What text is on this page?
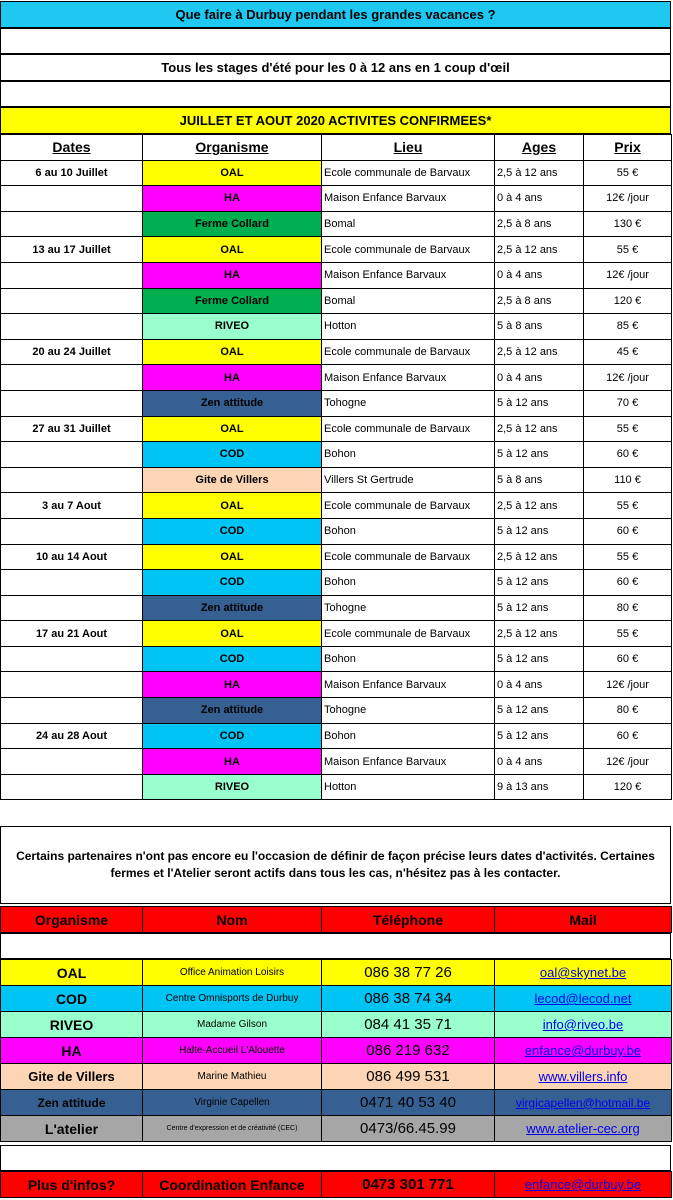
Que faire à Durbuy pendant les grandes vacances ?
Tous les stages d'été pour les 0 à 12 ans en 1 coup d'œil
JUILLET ET AOUT 2020 ACTIVITES CONFIRMEES*
Dates	Organisme	Lieu	Ages	Prix
6 au 10 Juillet	OAL	Ecole communale de Barvaux	2,5 à 12 ans	55 €
	HA	Maison Enfance Barvaux	0 à 4 ans	12€ /jour
	Ferme Collard	Bomal	2,5 à 8 ans	130 €
13 au 17 Juillet	OAL	Ecole communale de Barvaux	2,5 à 12 ans	55 €
	HA	Maison Enfance Barvaux	0 à 4 ans	12€ /jour
	Ferme Collard	Bomal	2,5 à 8 ans	120 €
	RIVEO	Hotton	5 à 8 ans	85 €
20 au 24 Juillet	OAL	Ecole communale de Barvaux	2,5 à 12 ans	45 €
	HA	Maison Enfance Barvaux	0 à 4 ans	12€ /jour
	Zen attitude	Tohogne	5 à 12 ans	70 €
27 au 31 Juillet	OAL	Ecole communale de Barvaux	2,5 à 12 ans	55 €
	COD	Bohon	5 à 12 ans	60 €
	Gite de Villers	Villers St Gertrude	5 à 8 ans	110 €
3 au 7 Aout	OAL	Ecole communale de Barvaux	2,5 à 12 ans	55 €
	COD	Bohon	5 à 12 ans	60 €
10 au 14 Aout	OAL	Ecole communale de Barvaux	2,5 à 12 ans	55 €
	COD	Bohon	5 à 12 ans	60 €
	Zen attitude	Tohogne	5 à 12 ans	80 €
17 au 21 Aout	OAL	Ecole communale de Barvaux	2,5 à 12 ans	55 €
	COD	Bohon	5 à 12 ans	60 €
	HA	Maison Enfance Barvaux	0 à 4 ans	12€ /jour
	Zen attitude	Tohogne	5 à 12 ans	80 €
24 au 28 Aout	COD	Bohon	5 à 12 ans	60 €
	HA	Maison Enfance Barvaux	0 à 4 ans	12€ /jour
	RIVEO	Hotton	9 à 13 ans	120 €
Certains partenaires n'ont pas encore eu l'occasion de définir de façon précise leurs dates d'activités. Certaines fermes et l'Atelier seront actifs dans tous les cas, n'hésitez pas à les contacter.
Organisme	Nom	Téléphone	Mail
OAL	Office Animation Loisirs	086 38 77 26	oal@skynet.be
COD	Centre Omnisports de Durbuy	086 38 74 34	lecod@lecod.net
RIVEO	Madame Gilson	084 41 35 71	info@riveo.be
HA	Halte-Accueil L'Alouette	086 219 632	enfance@durbuy.be
Gite de Villers	Marine Mathieu	086 499 531	www.villers.info
Zen attitude	Virginie Capellen	0471 40 53 40	virgicapellen@hotmail.be
L'atelier	Centre d'expression et de créativité (CEC)	0473/66.45.99	www.atelier-cec.org
Plus d'infos?	Coordination Enfance	0473 301 771	enfance@durbuy.be
